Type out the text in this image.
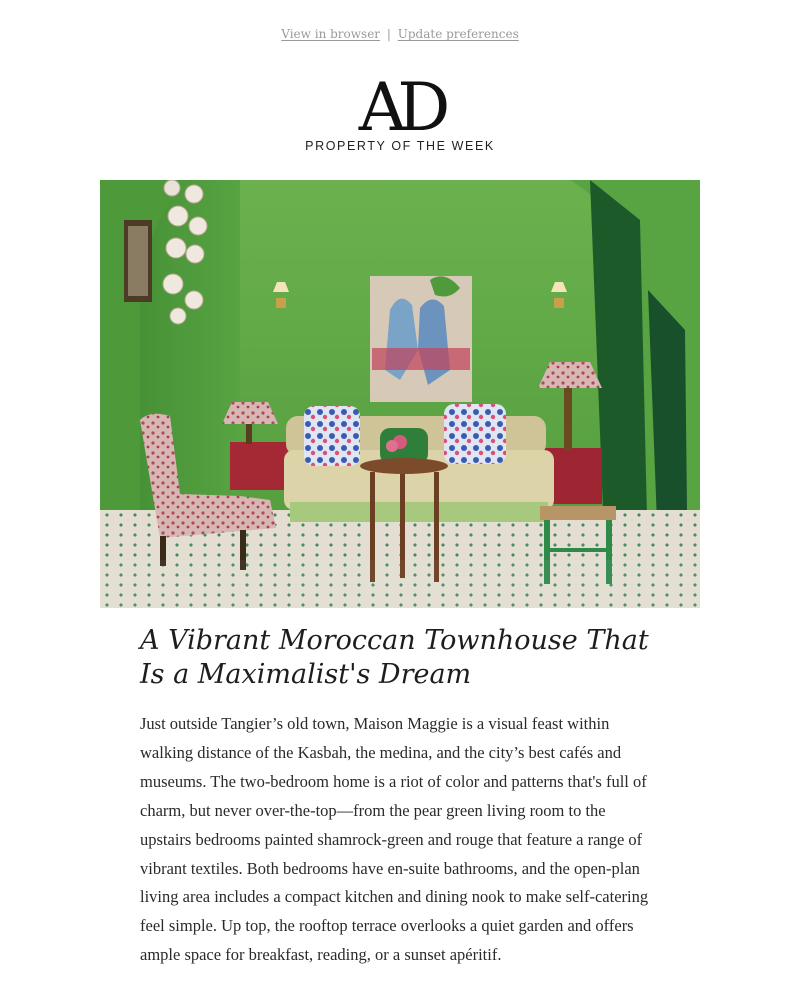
View in browser | Update preferences
AD
PROPERTY OF THE WEEK
A Vibrant Moroccan Townhouse That Is a Maximalist's Dream

Just outside Tangier’s old town, Maison Maggie is a visual feast within walking distance of the Kasbah, the medina, and the city’s best cafés and museums. The two-bedroom home is a riot of color and patterns that's full of charm, but never over-the-top—from the pear green living room to the upstairs bedrooms painted shamrock-green and rouge that feature a range of vibrant textiles. Both bedrooms have en-suite bathrooms, and the open-plan living area includes a compact kitchen and dining nook to make self-catering feel simple. Up top, the rooftop terrace overlooks a quiet garden and offers ample space for breakfast, reading, or a sunset apéritif.
